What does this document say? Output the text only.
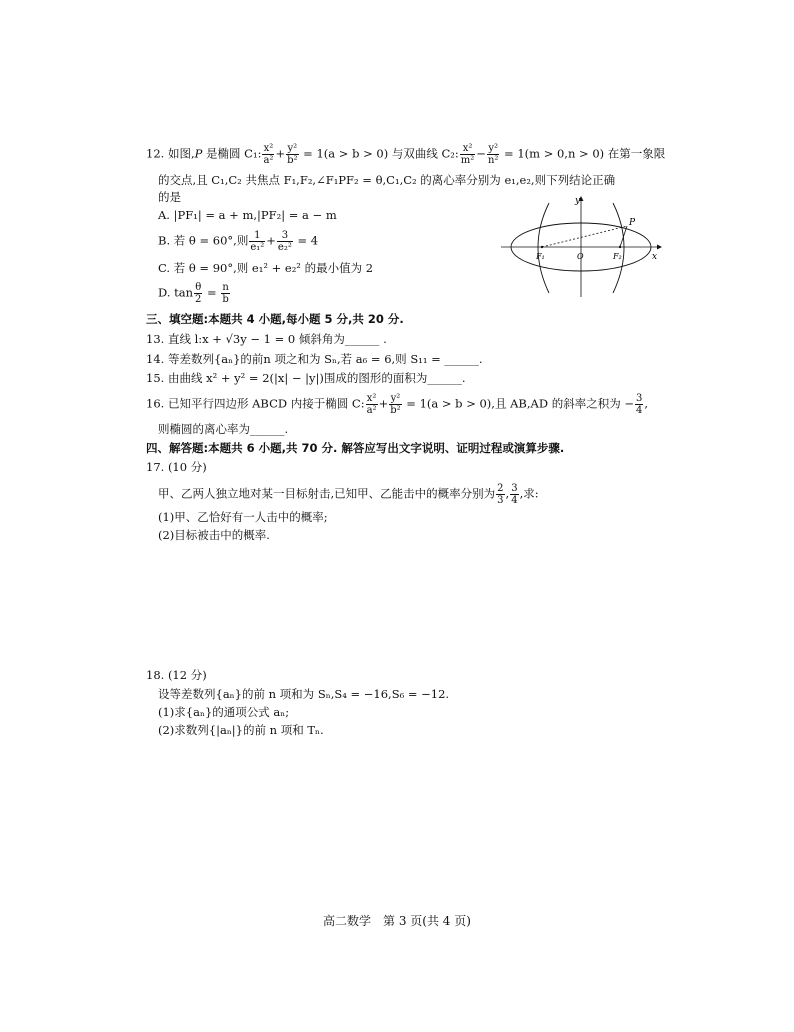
12. 如图,P 是椭圆 C₁: $\frac{\text{x²}}{\text{a²}} + \frac{\text{y²}}{\text{b²}} = 1(a > b > 0)$ 与双曲线 C₂: $\frac{\text{x²}}{\text{m²}} - \frac{\text{y²}}{\text{n²}} = 1(m > 0,n > 0)$ 在第一象限
的交点,且 C₁,C₂ 共焦点 F₁,F₂,∠F₁PF₂ = θ,C₁,C₂ 的离心率分别为 e₁,e₂,则下列结论正确
的是
A. |PF₁| = a + m,|PF₂| = a − m
B. 若 θ = 60°,则 $\frac{1}{\text{e₁²}} + \frac{3}{\text{e₂²}} = 4$
C. 若 θ = 90°,则 e₁² + e₂² 的最小值为 2
D. $\tan \frac{\theta}{2} = \frac{n}{b}$
y
x
P
F₁	O	F₂
三、填空题:本题共 4 小题,每小题 5 分,共 20 分.
13. 直线 l:x + √3y − 1 = 0 倾斜角为______ .
14. 等差数列{aₙ}的前n 项之和为 Sₙ,若 a₆ = 6,则 S₁₁ = ______.
15. 由曲线 x² + y² = 2(|x| − |y|)围成的图形的面积为______.
16. 已知平行四边形 ABCD 内接于椭圆 C: $\frac{\text{x²}}{\text{a²}} + \frac{\text{y²}}{\text{b²}} = 1(a > b > 0)$,且 AB,AD 的斜率之积为 − $\frac{3}{4}$ ,
则椭圆的离心率为______.
四、解答题:本题共 6 小题,共 70 分. 解答应写出文字说明、证明过程或演算步骤.
17. (10 分)
甲、乙两人独立地对某一目标射击,已知甲、乙能击中的概率分别为 $\frac{2}{3}$ , $\frac{3}{4}$ ,求:
(1)甲、乙恰好有一人击中的概率;
(2)目标被击中的概率.
18. (12 分)
设等差数列{aₙ}的前 n 项和为 Sₙ,S₄ = −16,S₆ = −12.
(1)求{aₙ}的通项公式 aₙ;
(2)求数列{|aₙ|}的前 n 项和 Tₙ.
高二数学　第 3 页(共 4 页)
